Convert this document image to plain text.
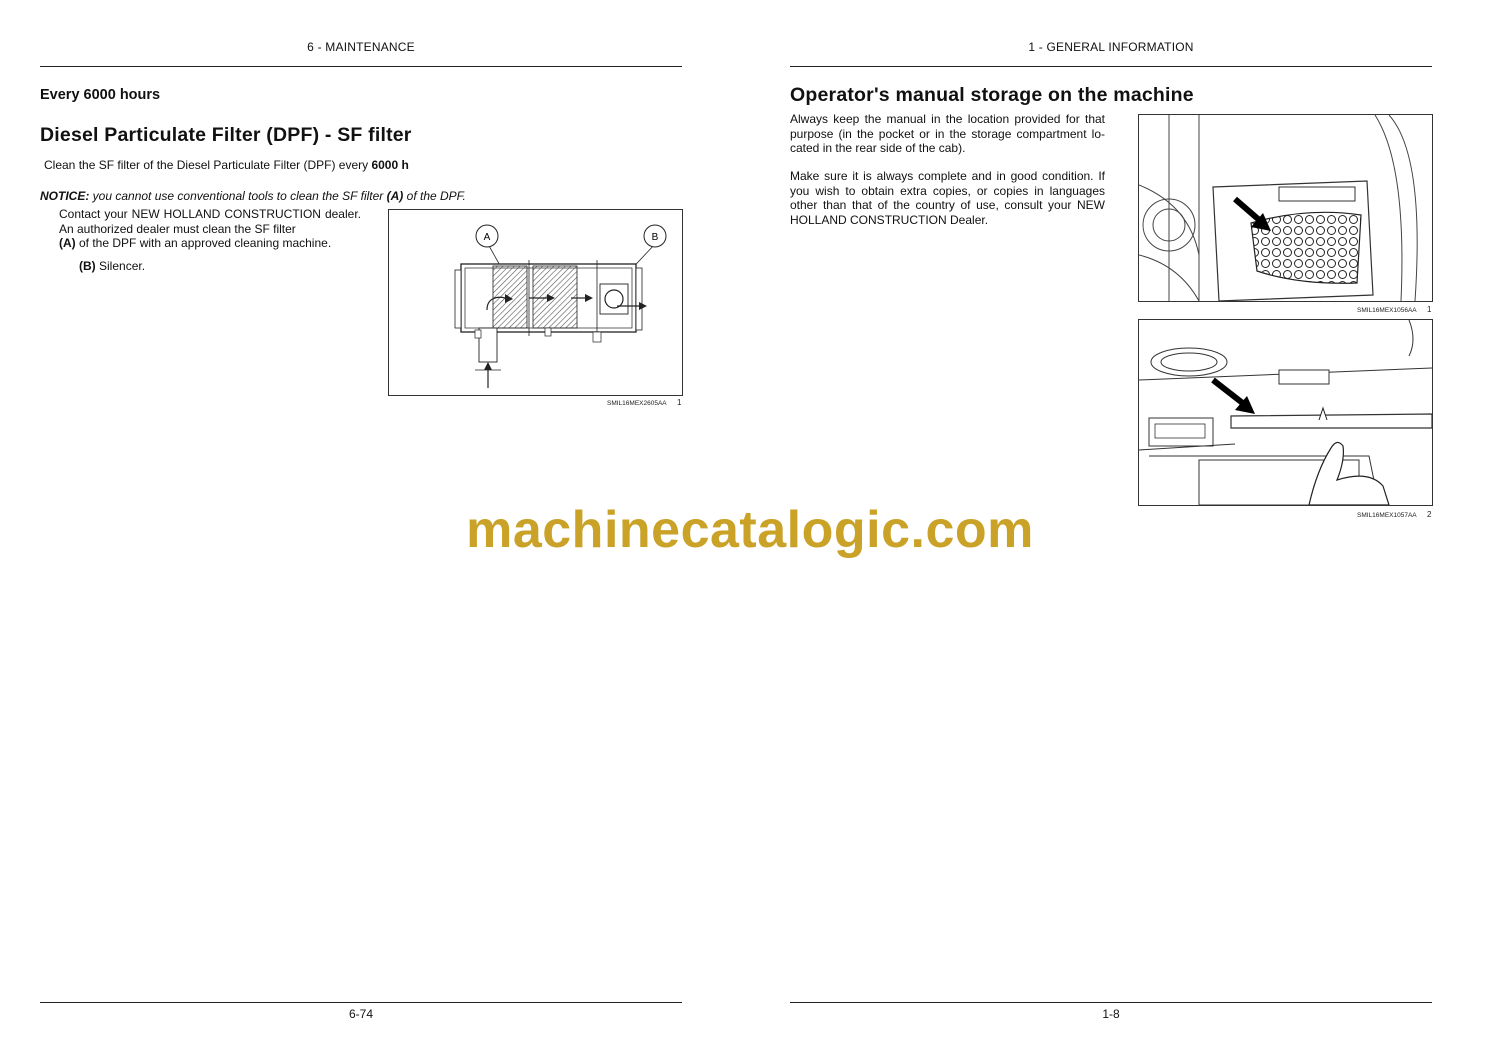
6 - MAINTENANCE
Every 6000 hours
Diesel Particulate Filter (DPF) - SF filter
Clean the SF filter of the Diesel Particulate Filter (DPF) every 6000 h
NOTICE: you cannot use conventional tools to clean the SF filter (A) of the DPF.
Contact your NEW HOLLAND CONSTRUCTION dealer. An authorized dealer must clean the SF filter
(A) of the DPF with an approved cleaning machine.
(B) Silencer.
A	B
SMIL16MEX2605AA 1
6-74
1 - GENERAL INFORMATION
Operator's manual storage on the machine
Always keep the manual in the location provided for that purpose (in the pocket or in the storage compartment lo-cated in the rear side of the cab).
Make sure it is always complete and in good condition. If you wish to obtain extra copies, or copies in languages other than that of the country of use, consult your NEW HOLLAND CONSTRUCTION Dealer.
SMIL16MEX1056AA 1
SMIL16MEX1057AA 2
1-8
machinecatalogic.com
